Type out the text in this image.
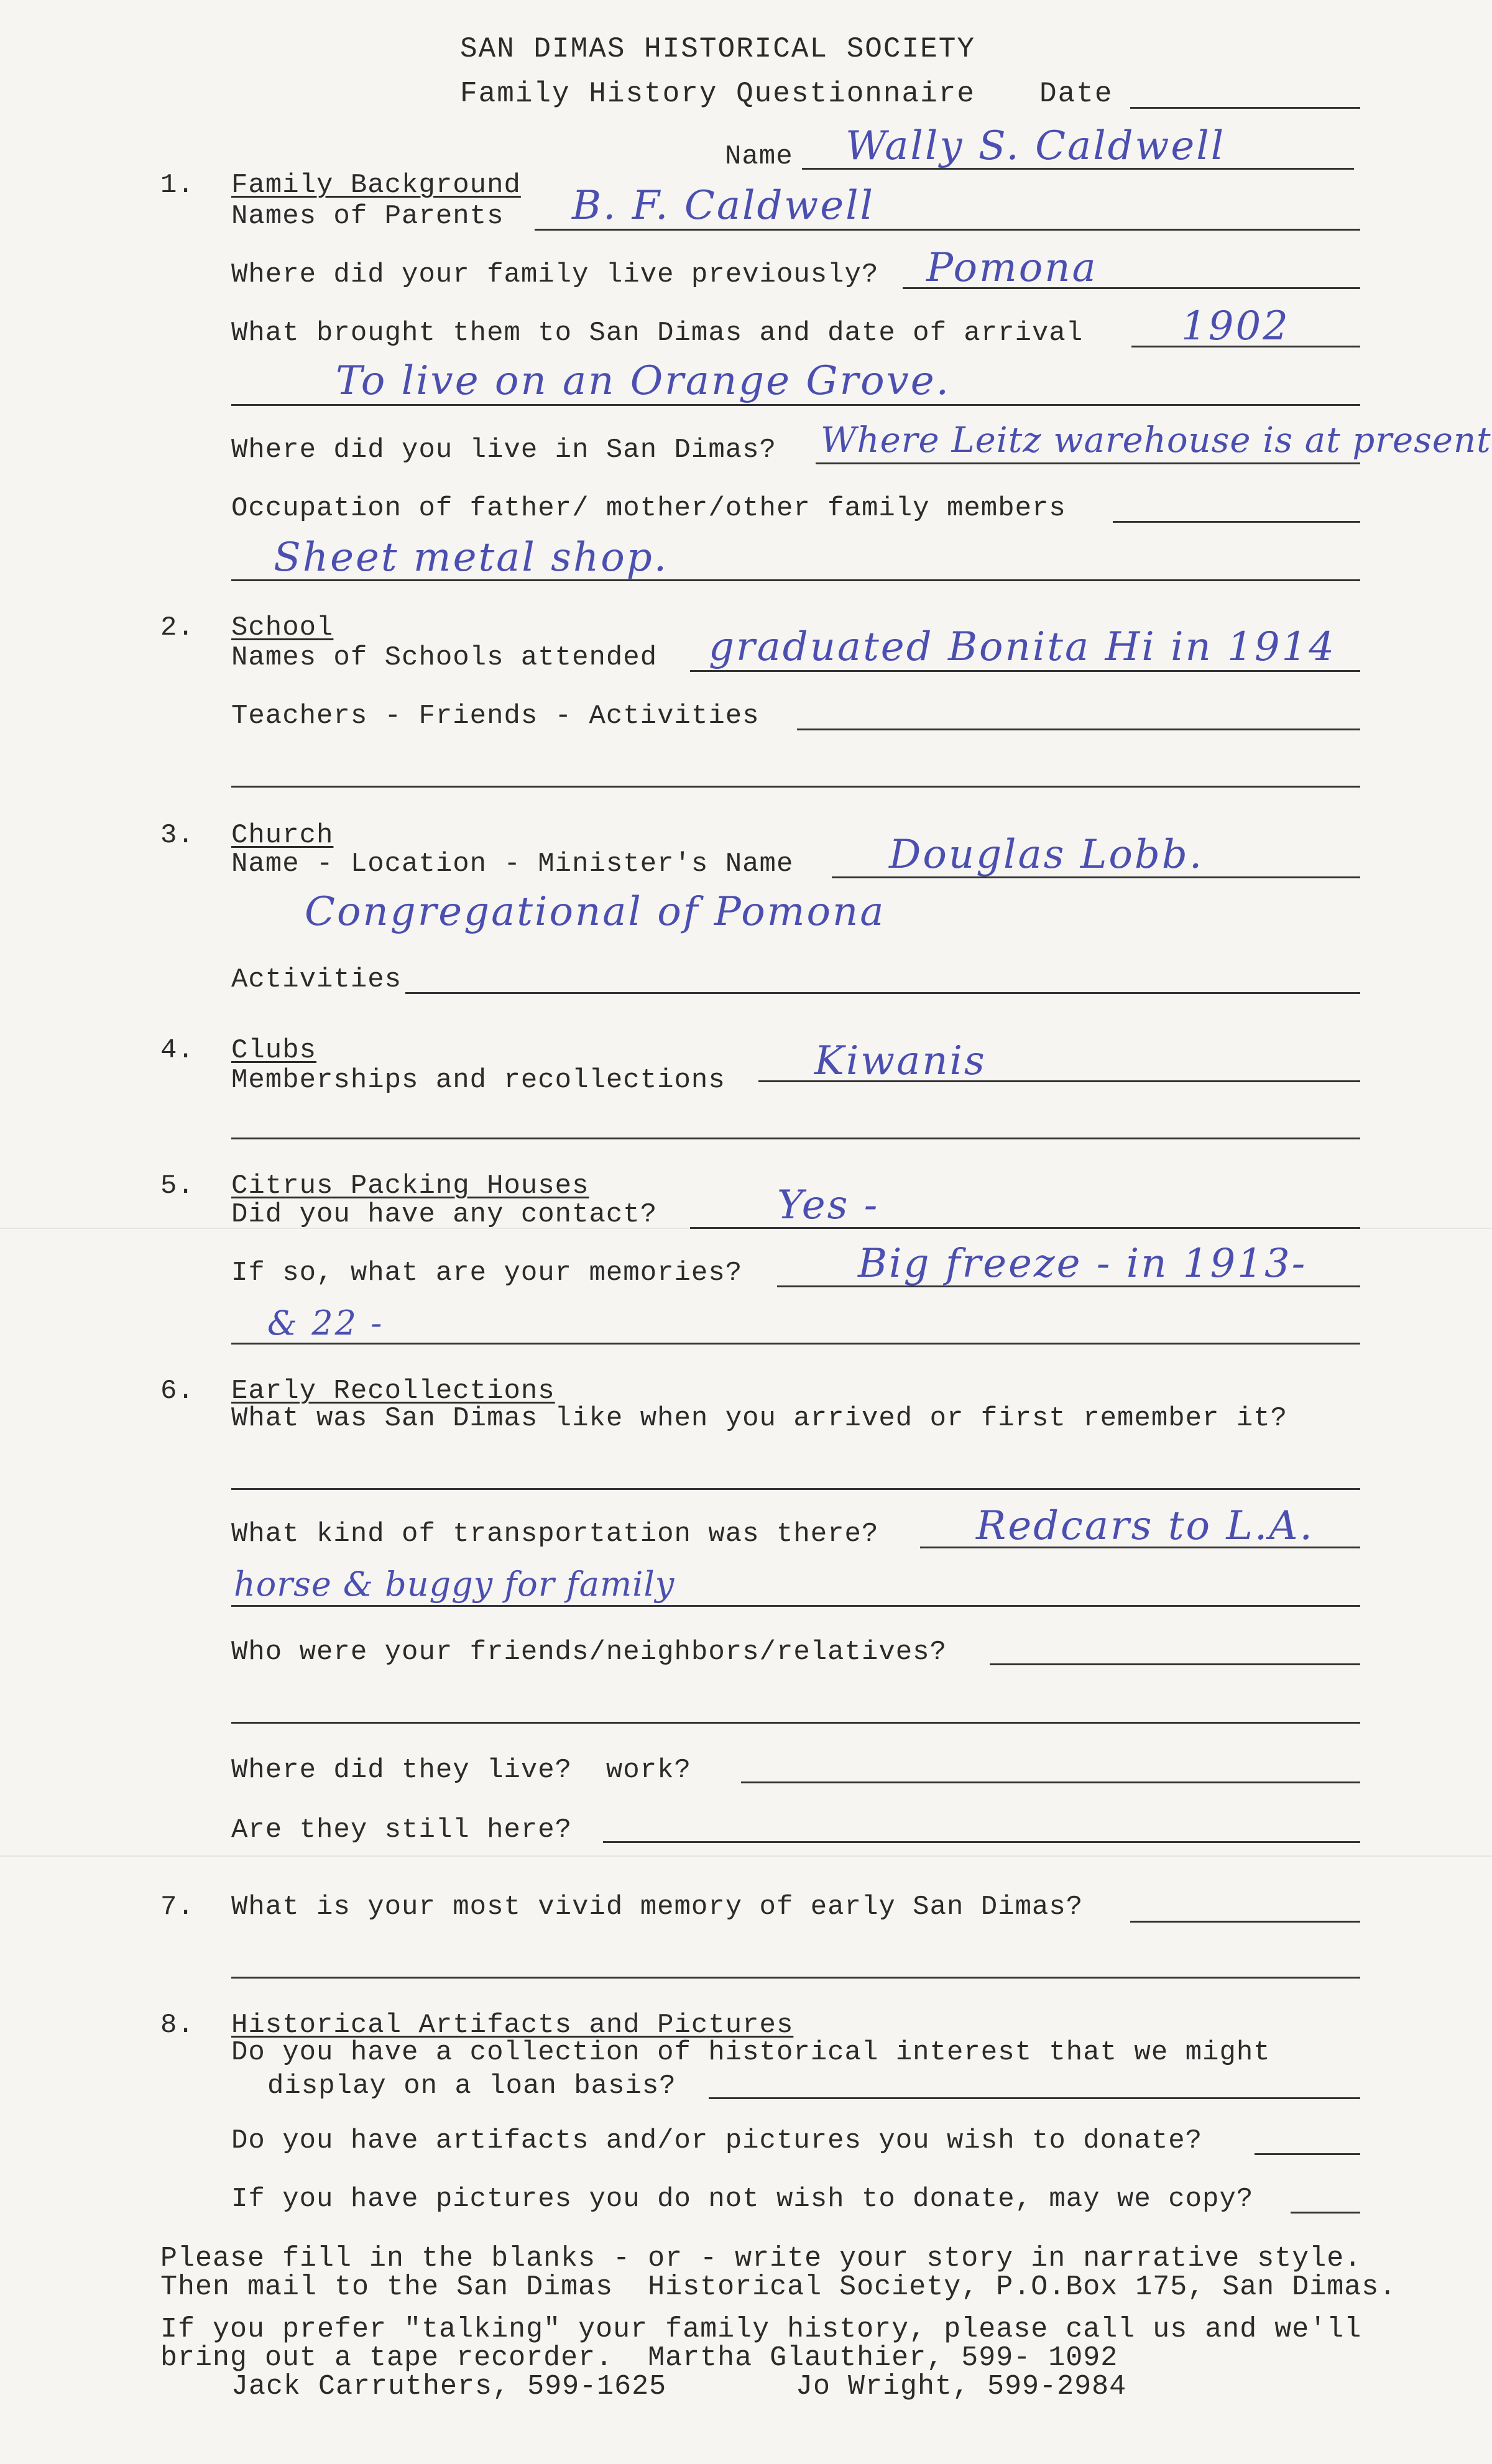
SAN DIMAS HISTORICAL SOCIETY
Family History Questionnaire Date
Name Wally S. Caldwell
1. Family Background
Names of Parents B. F. Caldwell
Where did your family live previously? Pomona
What brought them to San Dimas and date of arrival 1902
To live on an Orange Grove.
Where did you live in San Dimas? Where Leitz warehouse is at present
Occupation of father/ mother/other family members
Sheet metal shop.
2. School
Names of Schools attended graduated Bonita Hi in 1914
Teachers - Friends - Activities
3. Church
Name - Location - Minister's Name Douglas Lobb.
Congregational of Pomona
Activities
4. Clubs
Memberships and recollections Kiwanis
5. Citrus Packing Houses
Did you have any contact?	Yes -
If so, what are your memories?	Big freeze - in 1913-
& 22 -
6. Early Recollections
What was San Dimas like when you arrived or first remember it?
What kind of transportation was there? Redcars to L.A.
horse & buggy for family
Who were your friends/neighbors/relatives?
Where did they live?  work?
Are they still here?
7. What is your most vivid memory of early San Dimas?
8. Historical Artifacts and Pictures
Do you have a collection of historical interest that we might
display on a loan basis?
Do you have artifacts and/or pictures you wish to donate?
If you have pictures you do not wish to donate, may we copy?
Please fill in the blanks - or - write your story in narrative style.
Then mail to the San Dimas  Historical Society, P.O.Box 175, San Dimas.
If you prefer "talking" your family history, please call us and we'll
bring out a tape recorder.  Martha Glauthier, 599- 1092
Jack Carruthers, 599-1625	Jo Wright, 599-2984
